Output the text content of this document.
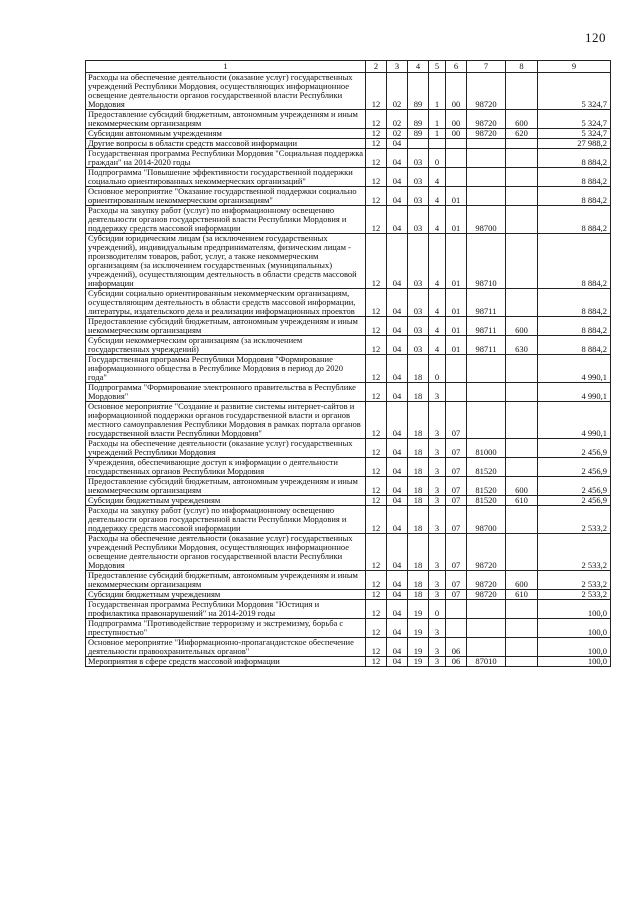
120
1	2	3	4	5	6	7	8	9
Расходы на обеспечение деятельности (оказание услуг) государственных учреждений Республики Мордовия, осуществляющих информационное освещение деятельности органов государственной власти Республики Мордовия	12	02	89	1	00	98720		5 324,7
Предоставление субсидий бюджетным, автономным учреждениям и иным некоммерческим организациям	12	02	89	1	00	98720	600	5 324,7
Субсидии автономным учреждениям	12	02	89	1	00	98720	620	5 324,7
Другие вопросы в области средств массовой информации	12	04						27 988,2
Государственная программа Республики Мордовия "Социальная поддержка граждан" на 2014-2020 годы	12	04	03	0				8 884,2
Подпрограмма "Повышение эффективности государственной поддержки социально ориентированных некоммерческих организаций"	12	04	03	4				8 884,2
Основное мероприятие "Оказание государственной поддержки социально ориентированным некоммерческим организациям"	12	04	03	4	01			8 884,2
Расходы на закупку работ (услуг) по информационному освещению деятельности органов государственной власти Республики Мордовия и поддержку средств массовой информации	12	04	03	4	01	98700		8 884,2
Субсидии юридическим лицам (за исключением государственных учреждений), индивидуальным предпринимателям, физическим лицам - производителям товаров, работ, услуг, а также некоммерческим организациям (за исключением государственных (муниципальных) учреждений), осуществляющим деятельность в области средств массовой информации	12	04	03	4	01	98710		8 884,2
Субсидии социально ориентированным некоммерческим организациям, осуществляющим деятельность в области средств массовой информации, литературы, издательского дела и реализации информационных проектов	12	04	03	4	01	98711		8 884,2
Предоставление субсидий бюджетным, автономным учреждениям и иным некоммерческим организациям	12	04	03	4	01	98711	600	8 884,2
Субсидии некоммерческим организациям (за исключением государственных учреждений)	12	04	03	4	01	98711	630	8 884,2
Государственная программа Республики Мордовия "Формирование информационного общества в Республике Мордовия в период до 2020 года"	12	04	18	0				4 990,1
Подпрограмма "Формирование электронного правительства в Республике Мордовия"	12	04	18	3				4 990,1
Основное мероприятие "Создание и развитие системы интернет-сайтов и информационной поддержки органов государственной власти и органов местного самоуправления Республики Мордовия в рамках портала органов государственной власти Республики Мордовия"	12	04	18	3	07			4 990,1
Расходы на обеспечение деятельности (оказание услуг) государственных учреждений Республики Мордовия	12	04	18	3	07	81000		2 456,9
Учреждения, обеспечивающие доступ к информации о деятельности государственных органов Республики Мордовия	12	04	18	3	07	81520		2 456,9
Предоставление субсидий бюджетным, автономным учреждениям и иным некоммерческим организациям	12	04	18	3	07	81520	600	2 456,9
Субсидии бюджетным учреждениям	12	04	18	3	07	81520	610	2 456,9
Расходы на закупку работ (услуг) по информационному освещению деятельности органов государственной власти Республики Мордовия и поддержку средств массовой информации	12	04	18	3	07	98700		2 533,2
Расходы на обеспечение деятельности (оказание услуг) государственных учреждений Республики Мордовия, осуществляющих информационное освещение деятельности органов государственной власти Республики Мордовия	12	04	18	3	07	98720		2 533,2
Предоставление субсидий бюджетным, автономным учреждениям и иным некоммерческим организациям	12	04	18	3	07	98720	600	2 533,2
Субсидии бюджетным учреждениям	12	04	18	3	07	98720	610	2 533,2
Государственная программа Республики Мордовия "Юстиция и профилактика правонарушений" на 2014-2019 годы	12	04	19	0				100,0
Подпрограмма "Противодействие терроризму и экстремизму, борьба с преступностью"	12	04	19	3				100,0
Основное мероприятие "Информационно-пропагандистское обеспечение деятельности правоохранительных органов"	12	04	19	3	06			100,0
Мероприятия в сфере средств массовой информации	12	04	19	3	06	87010		100,0
